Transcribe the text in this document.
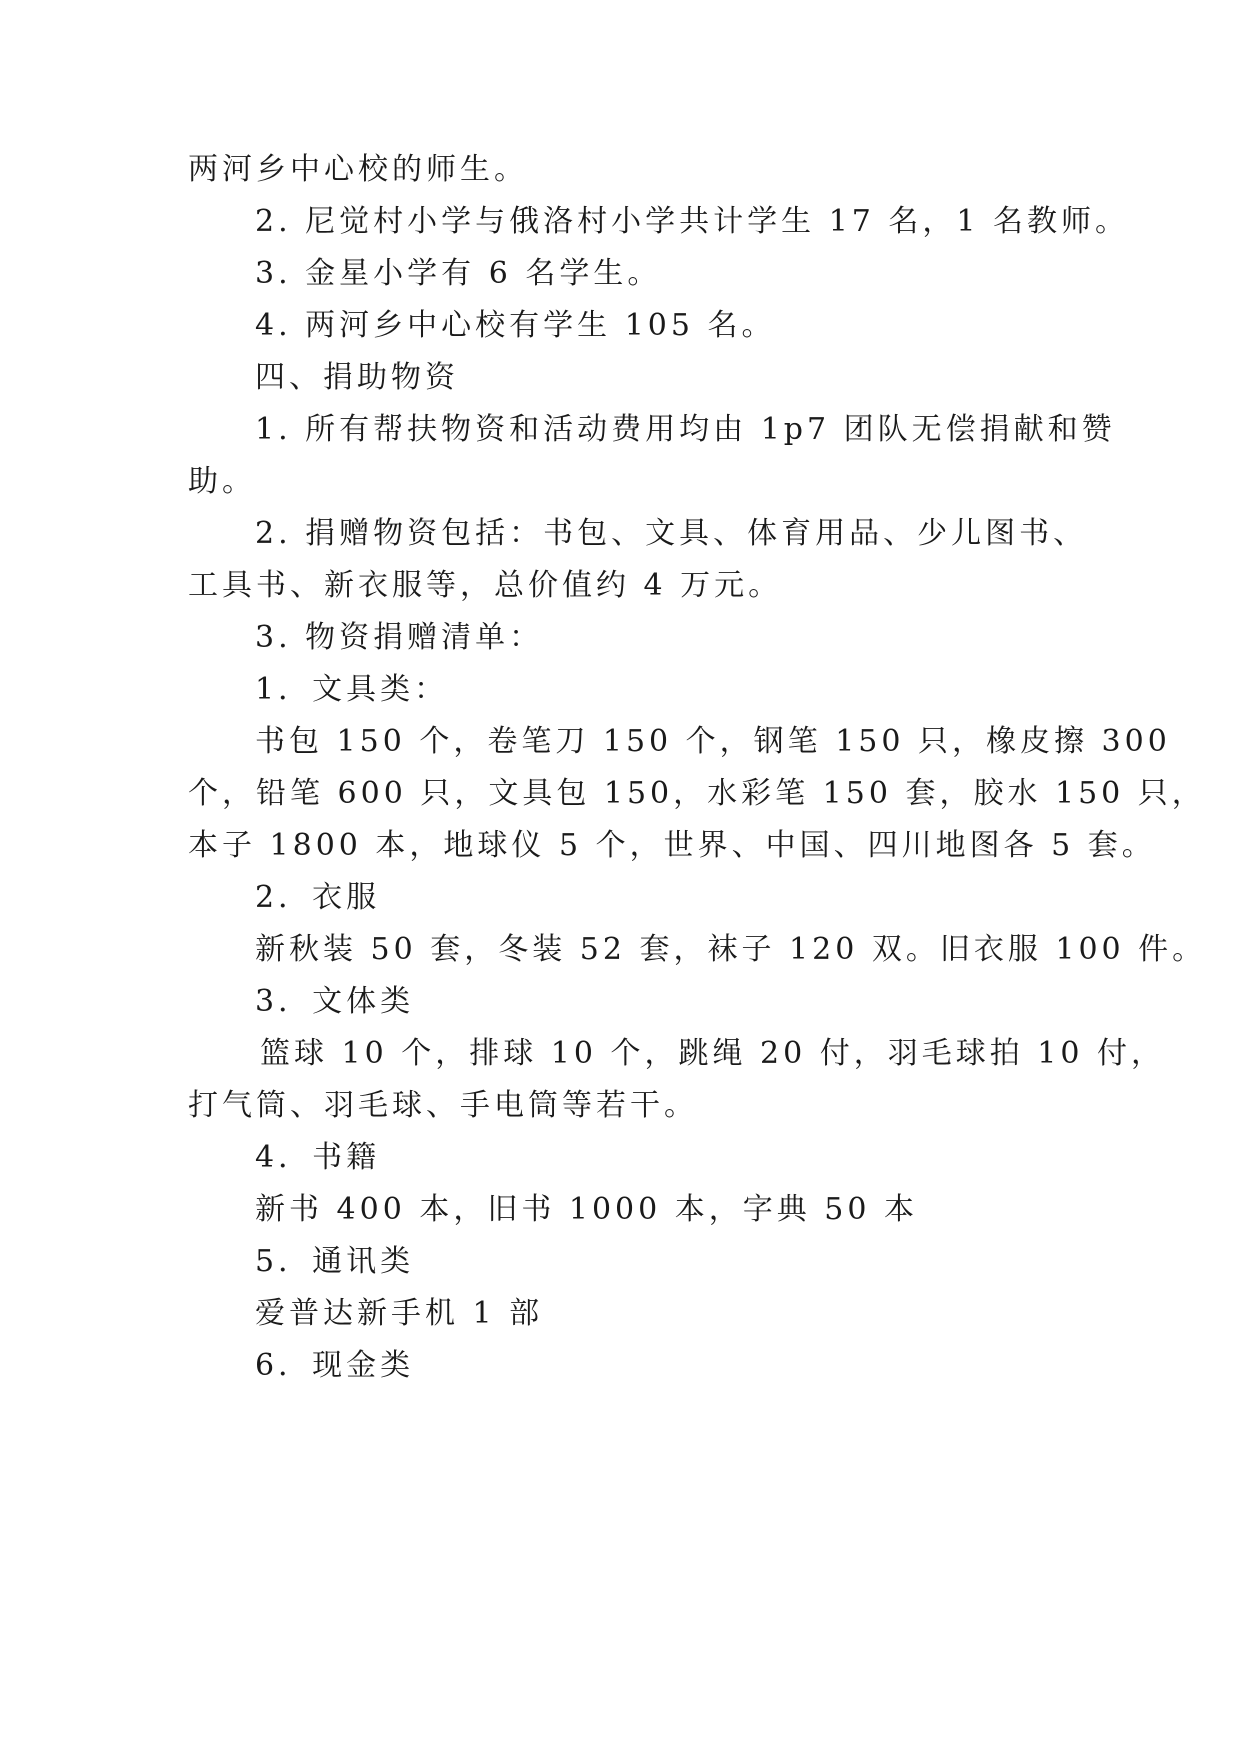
两河乡中心校的师生。
2. 尼觉村小学与俄洛村小学共计学生 17 名，1 名教师。
3. 金星小学有 6 名学生。
4. 两河乡中心校有学生 105 名。
四、捐助物资
1. 所有帮扶物资和活动费用均由 1p7 团队无偿捐献和赞
助。
2. 捐赠物资包括：书包、文具、体育用品、少儿图书、
工具书、新衣服等，总价值约 4 万元。
3. 物资捐赠清单：
1．文具类：
书包 150 个，卷笔刀 150 个，钢笔 150 只，橡皮擦 300
个，铅笔 600 只，文具包 150，水彩笔 150 套，胶水 150 只，
本子 1800 本，地球仪 5 个，世界、中国、四川地图各 5 套。
2．衣服
新秋装 50 套，冬装 52 套，袜子 120 双。旧衣服 100 件。
3．文体类
篮球 10 个，排球 10 个，跳绳 20 付，羽毛球拍 10 付，
打气筒、羽毛球、手电筒等若干。
4．书籍
新书 400 本，旧书 1000 本，字典 50 本
5．通讯类
爱普达新手机 1 部
6．现金类
